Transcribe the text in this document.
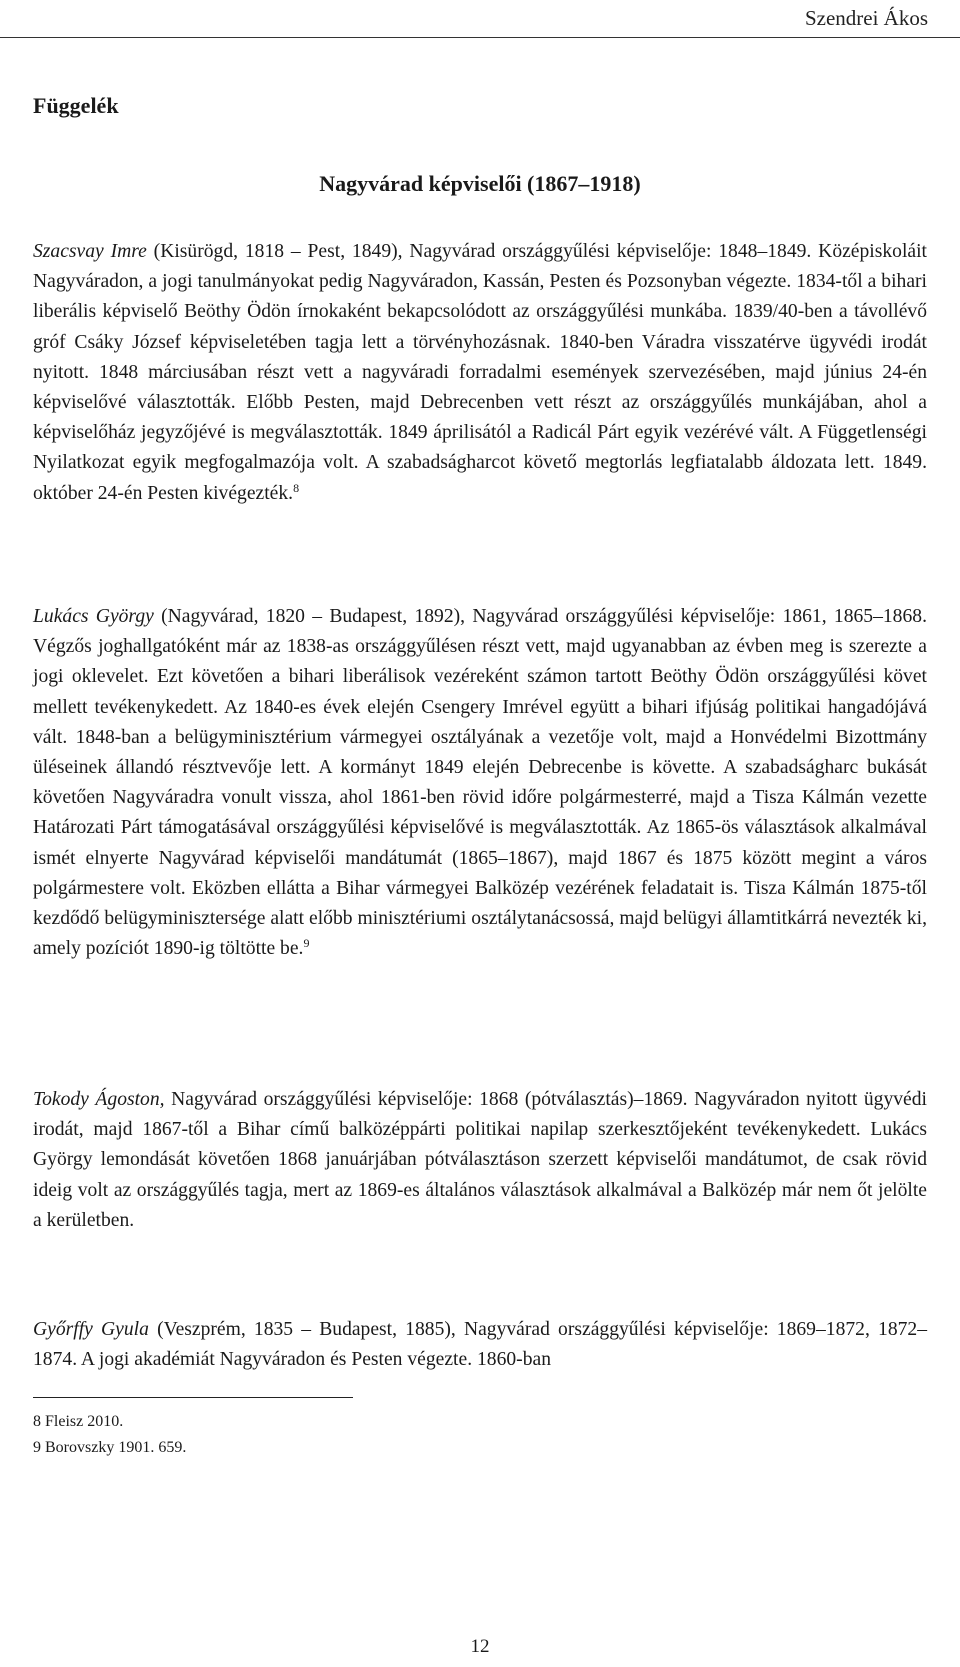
Szendrei Ákos
Függelék
Nagyvárad képviselői (1867–1918)

Szacsvay Imre (Kisürögd, 1818 – Pest, 1849), Nagyvárad országgyűlési képviselője: 1848–1849. Középiskoláit Nagyváradon, a jogi tanulmányokat pedig Nagyváradon, Kassán, Pesten és Pozsonyban végezte. 1834-től a bihari liberális képviselő Beöthy Ödön írnokaként bekapcsolódott az országgyűlési munkába. 1839/40-ben a távollévő gróf Csáky József képviseletében tagja lett a törvényhozásnak. 1840-ben Váradra visszatérve ügyvédi irodát nyitott. 1848 márciusában részt vett a nagyváradi forradalmi események szervezésében, majd június 24-én képviselővé választották. Előbb Pesten, majd Debrecenben vett részt az országgyűlés munkájában, ahol a képviselőház jegyzőjévé is megválasztották. 1849 áprilisától a Radicál Párt egyik vezérévé vált. A Függetlenségi Nyilatkozat egyik megfogalmazója volt. A szabadságharcot követő megtorlás legfiatalabb áldozata lett. 1849. október 24-én Pesten kivégezték.$^8$

Lukács György (Nagyvárad, 1820 – Budapest, 1892), Nagyvárad országgyűlési képviselője: 1861, 1865–1868. Végzős joghallgatóként már az 1838-as országgyűlésen részt vett, majd ugyanabban az évben meg is szerezte a jogi oklevelet. Ezt követően a bihari liberálisok vezéreként számon tartott Beöthy Ödön országgyűlési követ mellett tevékenykedett. Az 1840-es évek elején Csengery Imrével együtt a bihari ifjúság politikai hangadójává vált. 1848-ban a belügyminisztérium vármegyei osztályának a vezetője volt, majd a Honvédelmi Bizottmány üléseinek állandó résztvevője lett. A kormányt 1849 elején Debrecenbe is követte. A szabadságharc bukását követően Nagyváradra vonult vissza, ahol 1861-ben rövid időre polgármesterré, majd a Tisza Kálmán vezette Határozati Párt támogatásával országgyűlési képviselővé is megválasztották. Az 1865-ös választások alkalmával ismét elnyerte Nagyvárad képviselői mandátumát (1865–1867), majd 1867 és 1875 között megint a város polgármestere volt. Eközben ellátta a Bihar vármegyei Balközép vezérének feladatait is. Tisza Kálmán 1875-től kezdődő belügyminisztersége alatt előbb minisztériumi osztálytanácsossá, majd belügyi államtitkárrá nevezték ki, amely pozíciót 1890-ig töltötte be.$^9$

Tokody Ágoston, Nagyvárad országgyűlési képviselője: 1868 (pótválasztás)–1869. Nagyváradon nyitott ügyvédi irodát, majd 1867-től a Bihar című balközéppárti politikai napilap szerkesztőjeként tevékenykedett. Lukács György lemondását követően 1868 januárjában pótválasztáson szerzett képviselői mandátumot, de csak rövid ideig volt az országgyűlés tagja, mert az 1869-es általános választások alkalmával a Balközép már nem őt jelölte a kerületben.

Győrffy Gyula (Veszprém, 1835 – Budapest, 1885), Nagyvárad országgyűlési képviselője: 1869–1872, 1872–1874. A jogi akadémiát Nagyváradon és Pesten végezte. 1860-ban

8 Fleisz 2010.

9 Borovszky 1901. 659.

12
